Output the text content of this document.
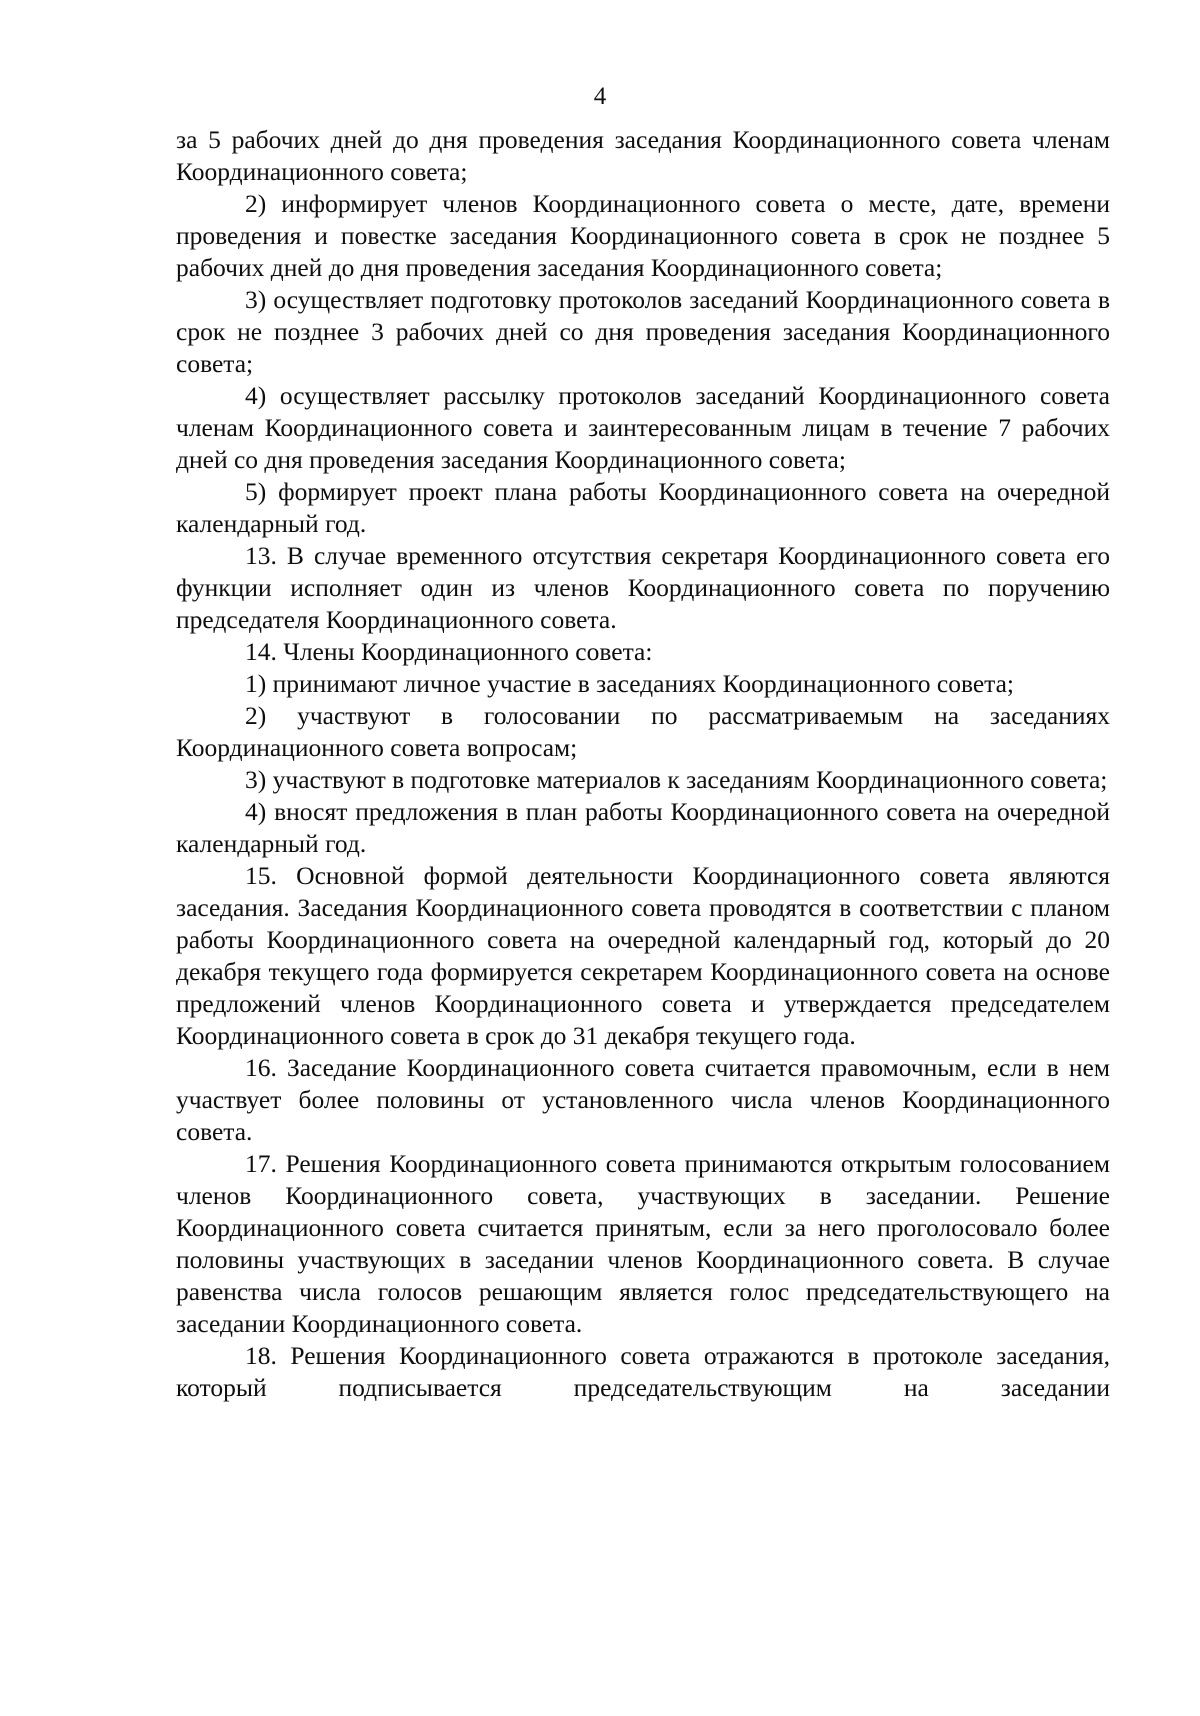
4

за 5 рабочих дней до дня проведения заседания Координационного совета членам Координационного совета;

2) информирует членов Координационного совета о месте, дате, времени проведения и повестке заседания Координационного совета в срок не позднее 5 рабочих дней до дня проведения заседания Координационного совета;

3) осуществляет подготовку протоколов заседаний Координационного совета в срок не позднее 3 рабочих дней со дня проведения заседания Координационного совета;

4) осуществляет рассылку протоколов заседаний Координационного совета членам Координационного совета и заинтересованным лицам в течение 7 рабочих дней со дня проведения заседания Координационного совета;

5) формирует проект плана работы Координационного совета на очередной календарный год.

13. В случае временного отсутствия секретаря Координационного совета его функции исполняет один из членов Координационного совета по поручению председателя Координационного совета.

14. Члены Координационного совета:

1) принимают личное участие в заседаниях Координационного совета;

2) участвуют в голосовании по рассматриваемым на заседаниях Координационного совета вопросам;

3) участвуют в подготовке материалов к заседаниям Координационного совета;

4) вносят предложения в план работы Координационного совета на очередной календарный год.

15. Основной формой деятельности Координационного совета являются заседания. Заседания Координационного совета проводятся в соответствии с планом работы Координационного совета на очередной календарный год, который до 20 декабря текущего года формируется секретарем Координационного совета на основе предложений членов Координационного совета и утверждается председателем Координационного совета в срок до 31 декабря текущего года.

16. Заседание Координационного совета считается правомочным, если в нем участвует более половины от установленного числа членов Координационного совета.

17. Решения Координационного совета принимаются открытым голосованием членов Координационного совета, участвующих в заседании. Решение Координационного совета считается принятым, если за него проголосовало более половины участвующих в заседании членов Координационного совета. В случае равенства числа голосов решающим является голос председательствующего на заседании Координационного совета.

18. Решения Координационного совета отражаются в протоколе заседания, который подписывается председательствующим на заседании
